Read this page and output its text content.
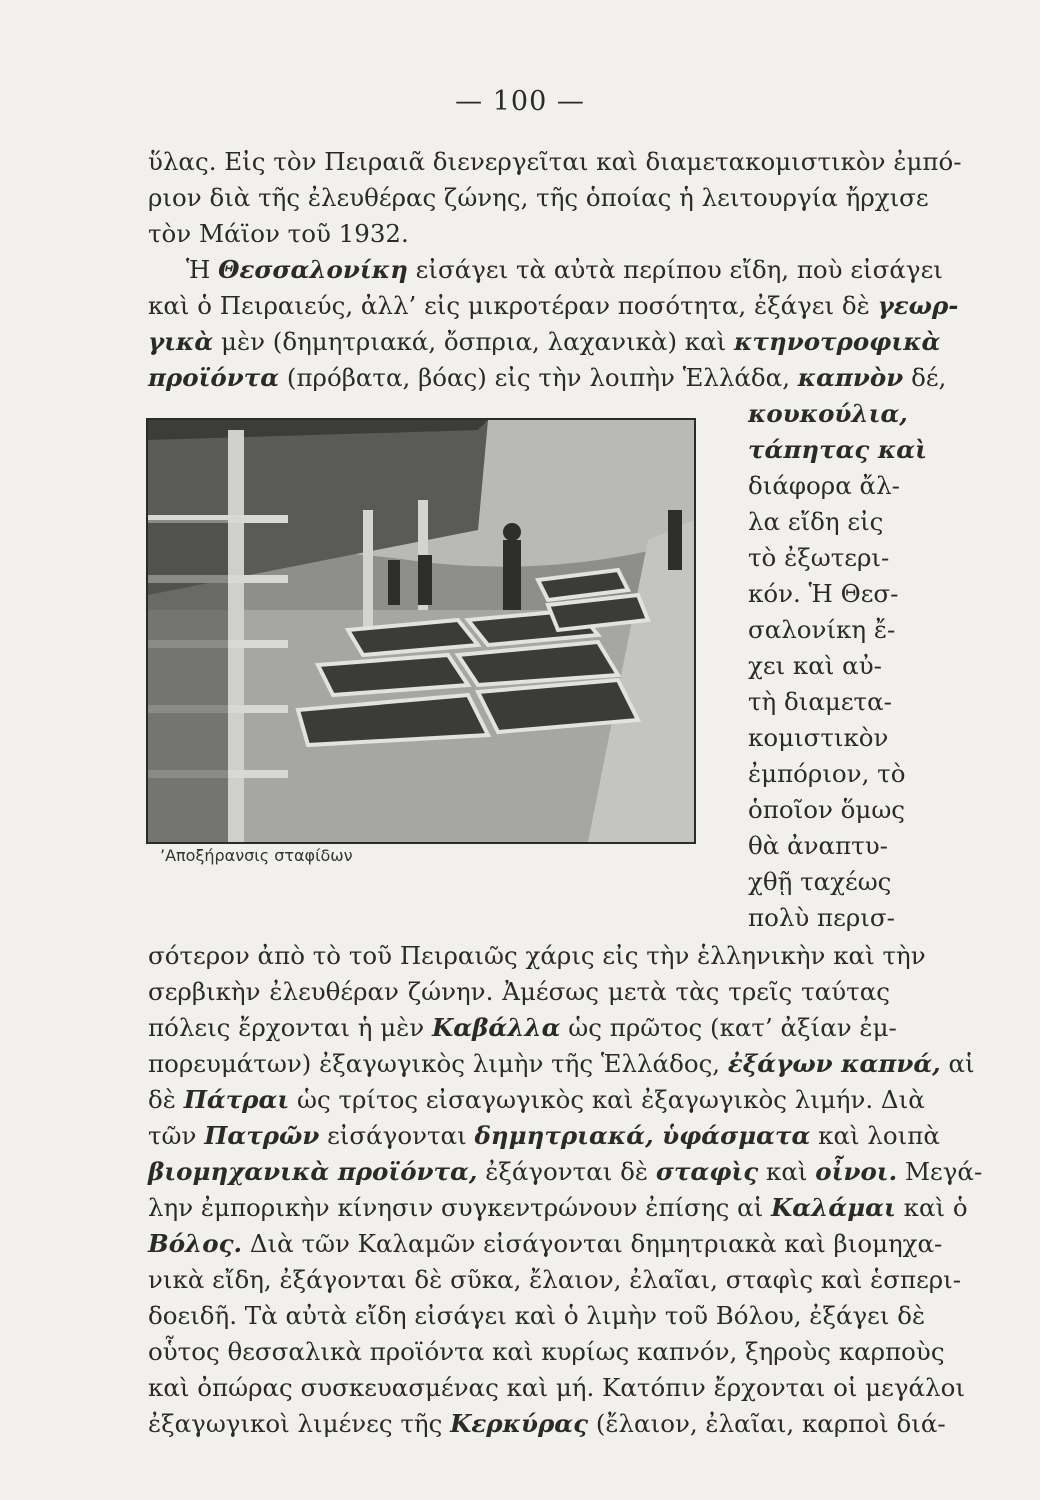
— 100 —
ὕλας. Εἰς τὸν Πειραιᾶ διενεργεῖται καὶ διαμετακομιστικὸν ἐμπό-
ριον διὰ τῆς ἐλευθέρας ζώνης, τῆς ὁποίας ἡ λειτουργία ἤρχισε
τὸν Μάϊον τοῦ 1932.
Ἡ Θεσσαλονίκη εἰσάγει τὰ αὐτὰ περίπου εἴδη, ποὺ εἰσάγει
καὶ ὁ Πειραιεύς, ἀλλ’ εἰς μικροτέραν ποσότητα, ἐξάγει δὲ γεωρ-
γικὰ μὲν (δημητριακά, ὄσπρια, λαχανικὰ) καὶ κτηνοτροφικὰ
προϊόντα (πρόβατα, βόας) εἰς τὴν λοιπὴν Ἑλλάδα, καπνὸν δέ,
κουκούλια,
τάπητας καὶ
διάφορα ἄλ-
λα εἴδη εἰς
τὸ ἐξωτερι-
κόν. Ἡ Θεσ-
σαλονίκη ἔ-
χει καὶ αὐ-
τὴ διαμετα-
κομιστικὸν
ἐμπόριον, τὸ
ὁποῖον ὅμως
θὰ ἀναπτυ-
χθῇ ταχέως
πολὺ περισ-
’Αποξήρανσις σταφίδων
σότερον ἀπὸ τὸ τοῦ Πειραιῶς χάρις εἰς τὴν ἑλληνικὴν καὶ τὴν
σερβικὴν ἐλευθέραν ζώνην. Ἀμέσως μετὰ τὰς τρεῖς ταύτας
πόλεις ἔρχονται ἡ μὲν Καβάλλα ὡς πρῶτος (κατ’ ἀξίαν ἐμ-
πορευμάτων) ἐξαγωγικὸς λιμὴν τῆς Ἑλλάδος, ἐξάγων καπνά, αἱ
δὲ Πάτραι ὡς τρίτος εἰσαγωγικὸς καὶ ἐξαγωγικὸς λιμήν. Διὰ
τῶν Πατρῶν εἰσάγονται δημητριακά, ὑφάσματα καὶ λοιπὰ
βιομηχανικὰ προϊόντα, ἐξάγονται δὲ σταφὶς καὶ οἶνοι. Μεγά-
λην ἐμπορικὴν κίνησιν συγκεντρώνουν ἐπίσης αἱ Καλάμαι καὶ ὁ
Βόλος. Διὰ τῶν Καλαμῶν εἰσάγονται δημητριακὰ καὶ βιομηχα-
νικὰ εἴδη, ἐξάγονται δὲ σῦκα, ἔλαιον, ἐλαῖαι, σταφὶς καὶ ἑσπερι-
δοειδῆ. Τὰ αὐτὰ εἴδη εἰσάγει καὶ ὁ λιμὴν τοῦ Βόλου, ἐξάγει δὲ
οὗτος θεσσαλικὰ προϊόντα καὶ κυρίως καπνόν, ξηροὺς καρποὺς
καὶ ὀπώρας συσκευασμένας καὶ μή. Κατόπιν ἔρχονται οἱ μεγάλοι
ἐξαγωγικοὶ λιμένες τῆς Κερκύρας (ἔλαιον, ἐλαῖαι, καρποὶ διά-
